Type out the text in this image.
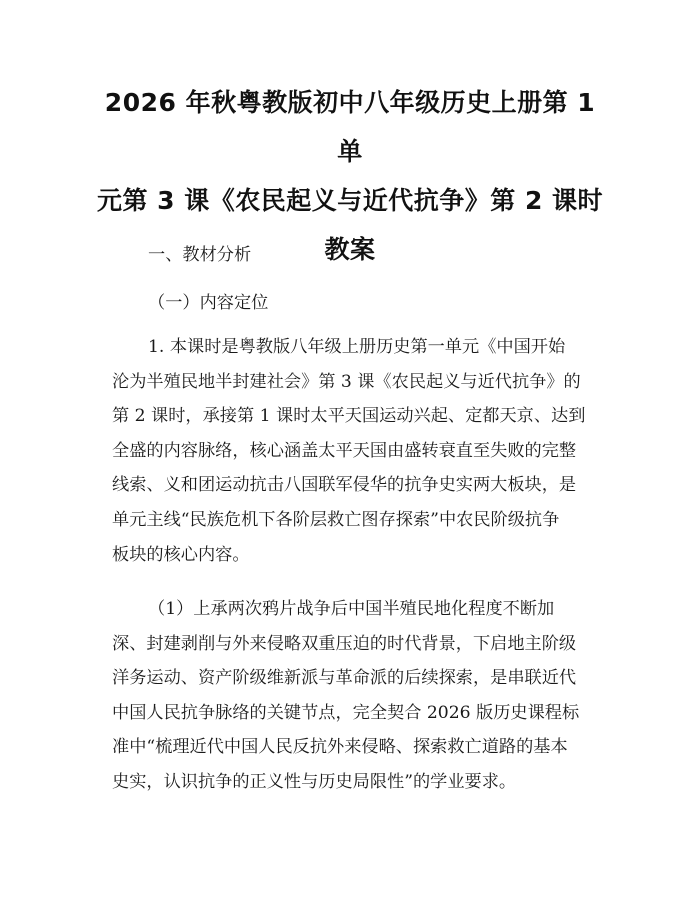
2026 年秋粤教版初中八年级历史上册第 1 单
元第 3 课《农民起义与近代抗争》第 2 课时
教案

一、教材分析

（一）内容定位

1. 本课时是粤教版八年级上册历史第一单元《中国开始
沦为半殖民地半封建社会》第 3 课《农民起义与近代抗争》的
第 2 课时，承接第 1 课时太平天国运动兴起、定都天京、达到
全盛的内容脉络，核心涵盖太平天国由盛转衰直至失败的完整
线索、义和团运动抗击八国联军侵华的抗争史实两大板块，是
单元主线“民族危机下各阶层救亡图存探索”中农民阶级抗争
板块的核心内容。

（1）上承两次鸦片战争后中国半殖民地化程度不断加
深、封建剥削与外来侵略双重压迫的时代背景，下启地主阶级
洋务运动、资产阶级维新派与革命派的后续探索，是串联近代
中国人民抗争脉络的关键节点，完全契合 2026 版历史课程标
准中“梳理近代中国人民反抗外来侵略、探索救亡道路的基本
史实，认识抗争的正义性与历史局限性”的学业要求。
